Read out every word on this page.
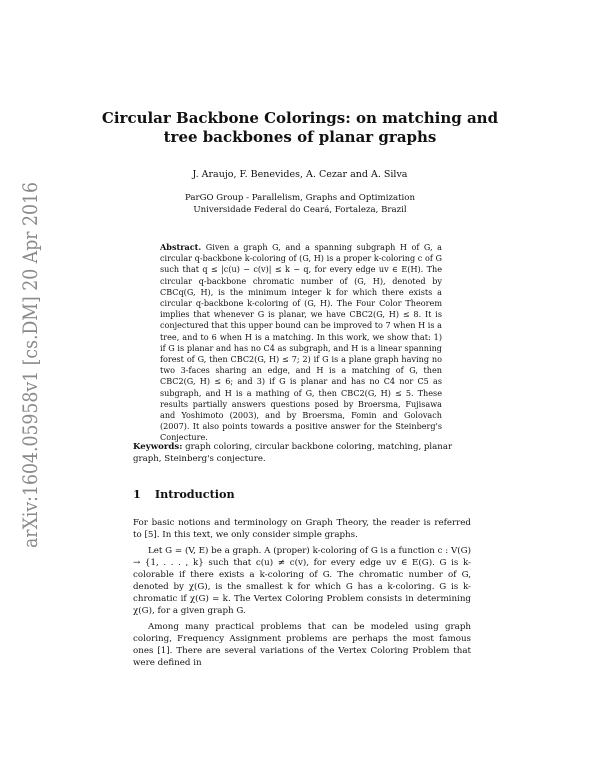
arXiv:1604.05958v1 [cs.DM] 20 Apr 2016
Circular Backbone Colorings: on matching and
tree backbones of planar graphs
J. Araujo, F. Benevides, A. Cezar and A. Silva
ParGO Group - Parallelism, Graphs and Optimization
Universidade Federal do Ceará, Fortaleza, Brazil
Abstract. Given a graph G, and a spanning subgraph H of G, a circular q-backbone k-coloring of (G, H) is a proper k-coloring c of G such that q ≤ |c(u) − c(v)| ≤ k − q, for every edge uv ∈ E(H). The circular q-backbone chromatic number of (G, H), denoted by CBCq(G, H), is the minimum integer k for which there exists a circular q-backbone k-coloring of (G, H). The Four Color Theorem implies that whenever G is planar, we have CBC2(G, H) ≤ 8. It is conjectured that this upper bound can be improved to 7 when H is a tree, and to 6 when H is a matching. In this work, we show that: 1) if G is planar and has no C4 as subgraph, and H is a linear spanning forest of G, then CBC2(G, H) ≤ 7; 2) if G is a plane graph having no two 3-faces sharing an edge, and H is a matching of G, then CBC2(G, H) ≤ 6; and 3) if G is planar and has no C4 nor C5 as subgraph, and H is a mathing of G, then CBC2(G, H) ≤ 5. These results partially answers questions posed by Broersma, Fujisawa and Yoshimoto (2003), and by Broersma, Fomin and Golovach (2007). It also points towards a positive answer for the Steinberg's Conjecture.
Keywords: graph coloring, circular backbone coloring, matching, planar graph, Steinberg's conjecture.
1 Introduction

For basic notions and terminology on Graph Theory, the reader is referred to [5]. In this text, we only consider simple graphs.

Let G = (V, E) be a graph. A (proper) k-coloring of G is a function c : V(G) → {1, . . . , k} such that c(u) ≠ c(v), for every edge uv ∈ E(G). G is k-colorable if there exists a k-coloring of G. The chromatic number of G, denoted by χ(G), is the smallest k for which G has a k-coloring. G is k-chromatic if χ(G) = k. The Vertex Coloring Problem consists in determining χ(G), for a given graph G.

Among many practical problems that can be modeled using graph coloring, Frequency Assignment problems are perhaps the most famous ones [1]. There are several variations of the Vertex Coloring Problem that were defined in
